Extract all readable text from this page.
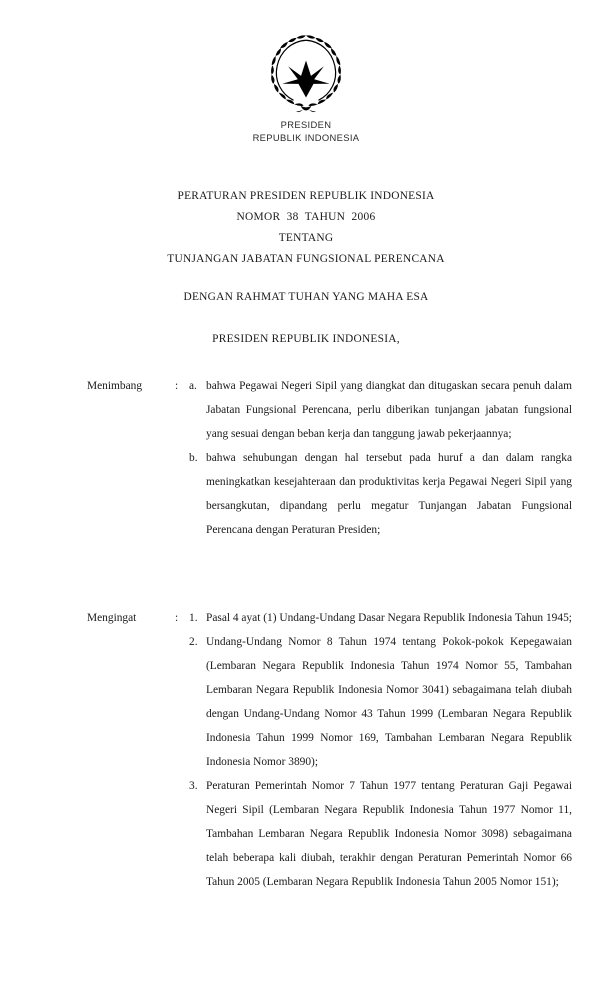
PRESIDEN
REPUBLIK INDONESIA
PERATURAN PRESIDEN REPUBLIK INDONESIA
NOMOR  38  TAHUN  2006
TENTANG
TUNJANGAN JABATAN FUNGSIONAL PERENCANA
DENGAN RAHMAT TUHAN YANG MAHA ESA
PRESIDEN REPUBLIK INDONESIA,
Menimbang	: a. bahwa Pegawai Negeri Sipil yang diangkat dan ditugaskan secara penuh dalam Jabatan Fungsional Perencana, perlu diberikan tunjangan jabatan fungsional yang sesuai dengan beban kerja dan tanggung jawab pekerjaannya;
b. bahwa sehubungan dengan hal tersebut pada huruf a dan dalam rangka meningkatkan kesejahteraan dan produktivitas kerja Pegawai Negeri Sipil yang bersangkutan, dipandang perlu megatur Tunjangan Jabatan Fungsional Perencana dengan Peraturan Presiden;
Mengingat	: 1. Pasal 4 ayat (1) Undang-Undang Dasar Negara Republik Indonesia Tahun 1945;
2. Undang-Undang Nomor 8 Tahun 1974 tentang Pokok-pokok Kepegawaian (Lembaran Negara Republik Indonesia Tahun 1974 Nomor 55, Tambahan Lembaran Negara Republik Indonesia Nomor 3041) sebagaimana telah diubah dengan Undang-Undang Nomor 43 Tahun 1999 (Lembaran Negara Republik Indonesia Tahun 1999 Nomor 169, Tambahan Lembaran Negara Republik Indonesia Nomor 3890);
3. Peraturan Pemerintah Nomor 7 Tahun 1977 tentang Peraturan Gaji Pegawai Negeri Sipil (Lembaran Negara Republik Indonesia Tahun 1977 Nomor 11, Tambahan Lembaran Negara Republik Indonesia Nomor 3098) sebagaimana telah beberapa kali diubah, terakhir dengan Peraturan Pemerintah Nomor 66 Tahun 2005 (Lembaran Negara Republik Indonesia Tahun 2005 Nomor 151);
